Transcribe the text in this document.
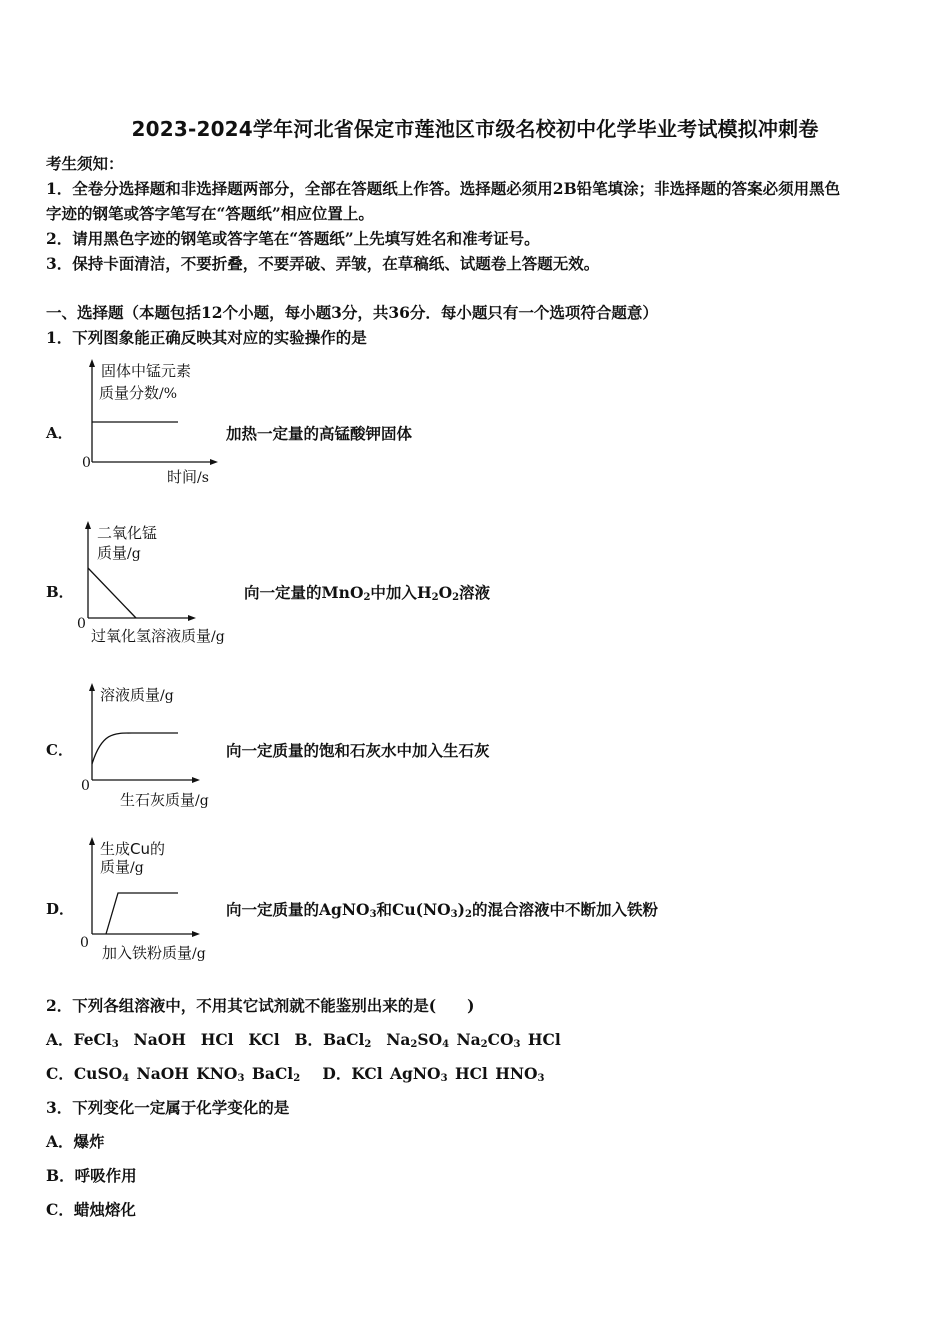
2023-2024学年河北省保定市莲池区市级名校初中化学毕业考试模拟冲刺卷
考生须知：
1．全卷分选择题和非选择题两部分，全部在答题纸上作答。选择题必须用2B铅笔填涂；非选择题的答案必须用黑色
字迹的钢笔或答字笔写在“答题纸”相应位置上。
2．请用黑色字迹的钢笔或答字笔在“答题纸”上先填写姓名和准考证号。
3．保持卡面清洁，不要折叠，不要弄破、弄皱，在草稿纸、试题卷上答题无效。
一、选择题（本题包括12个小题，每小题3分，共36分．每小题只有一个选项符合题意）
1．下列图象能正确反映其对应的实验操作的是
A．
固体中锰元素
质量分数/%
0
时间/s
加热一定量的高锰酸钾固体
B．
二氧化锰
质量/g
0
过氧化氢溶液质量/g
向一定量的MnO$_2$中加入$H_2O_2$溶液
C．
溶液质量/g
0
生石灰质量/g
向一定质量的饱和石灰水中加入生石灰
D．
生成Cu的
质量/g
0
加入铁粉质量/g
向一定质量的AgNO$_3$和$Cu(NO_3)_2$的混合溶液中不断加入铁粉
2．下列各组溶液中，不用其它试剂就不能鉴别出来的是(　　)
A．FeCl$_3$  NaOH  HCl  KCl B．BaCl$_2$ $Na_2SO_4$ $Na_2CO_3$ HCl
C．CuSO$_4$ NaOH $KNO_3$ BaCl$_2$ D．KCl AgNO$_3$ HCl $HNO_3$
3．下列变化一定属于化学变化的是
A．爆炸
B．呼吸作用
C．蜡烛熔化
